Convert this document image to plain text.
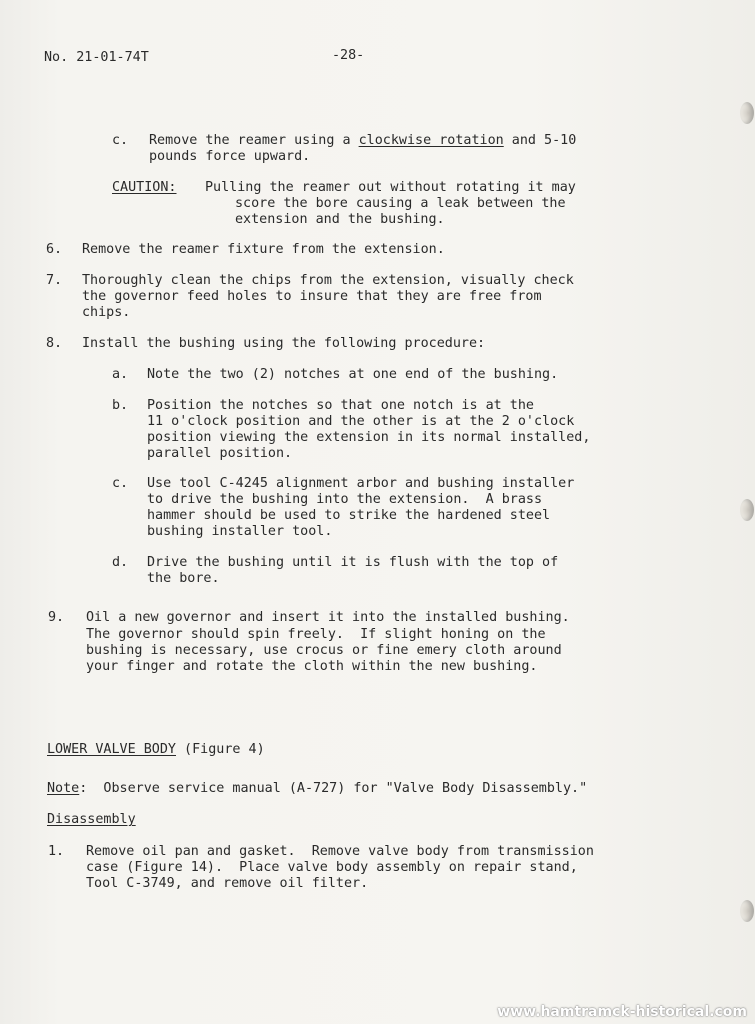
No. 21-01-74T	-28-
c. Remove the reamer using a clockwise rotation and 5-10
pounds force upward.
CAUTION: Pulling the reamer out without rotating it may
score the bore causing a leak between the
extension and the bushing.
6. Remove the reamer fixture from the extension.
7. Thoroughly clean the chips from the extension, visually check
the governor feed holes to insure that they are free from
chips.
8. Install the bushing using the following procedure:
a. Note the two (2) notches at one end of the bushing.
b. Position the notches so that one notch is at the
11 o'clock position and the other is at the 2 o'clock
position viewing the extension in its normal installed,
parallel position.
c. Use tool C-4245 alignment arbor and bushing installer
to drive the bushing into the extension.  A brass
hammer should be used to strike the hardened steel
bushing installer tool.
d. Drive the bushing until it is flush with the top of
the bore.
9. Oil a new governor and insert it into the installed bushing.
The governor should spin freely.  If slight honing on the
bushing is necessary, use crocus or fine emery cloth around
your finger and rotate the cloth within the new bushing.
LOWER VALVE BODY (Figure 4)
Note:  Observe service manual (A-727) for "Valve Body Disassembly."
Disassembly
1. Remove oil pan and gasket.  Remove valve body from transmission
case (Figure 14).  Place valve body assembly on repair stand,
Tool C-3749, and remove oil filter.
www.hamtramck-historical.com
